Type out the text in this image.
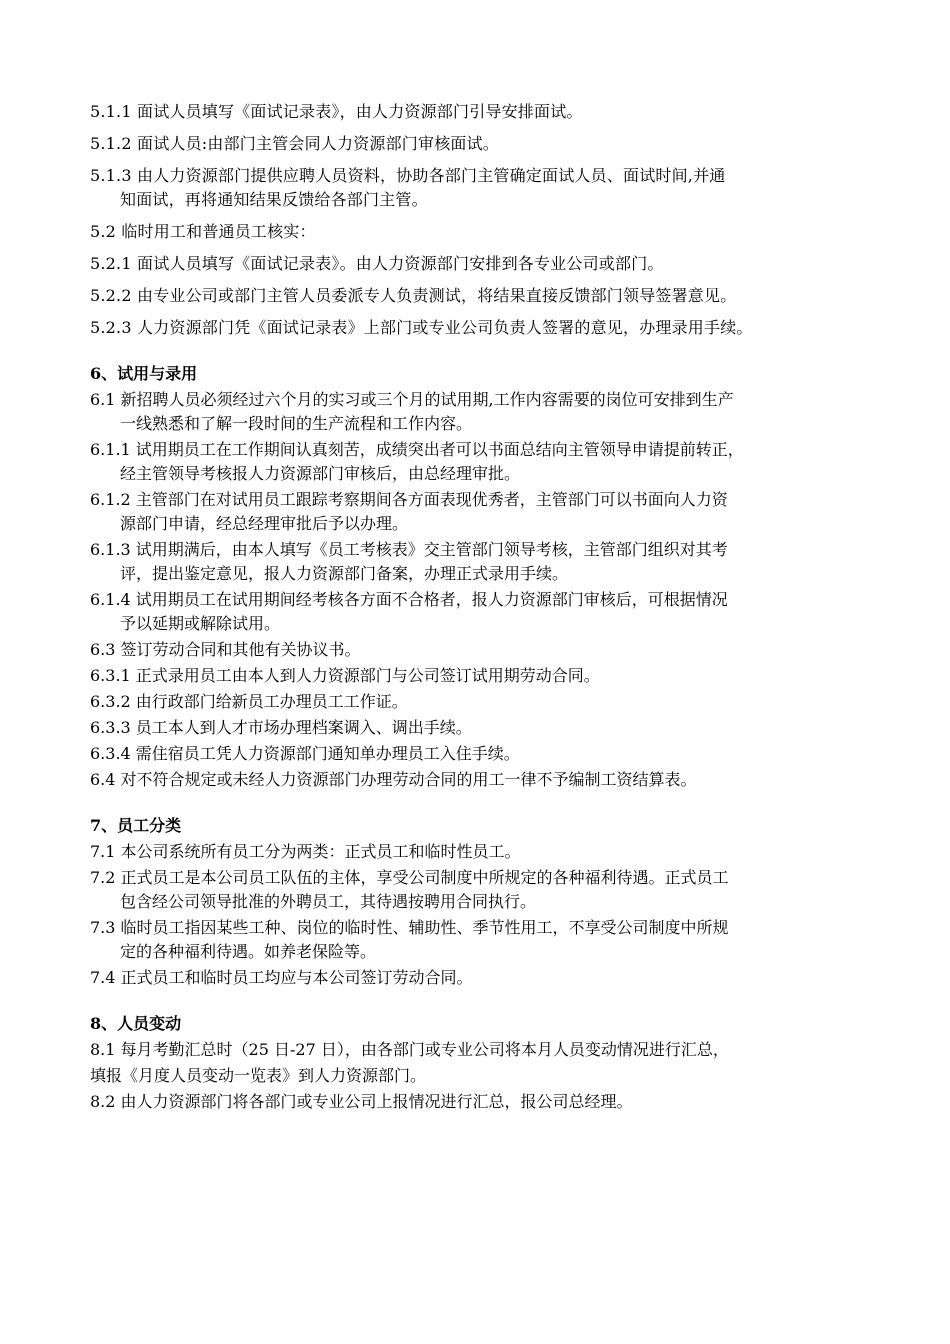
5.1.1 面试人员填写《面试记录表》，由人力资源部门引导安排面试。

5.1.2 面试人员:由部门主管会同人力资源部门审核面试。

5.1.3 由人力资源部门提供应聘人员资料，协助各部门主管确定面试人员、面试时间,并通
知面试，再将通知结果反馈给各部门主管。

5.2 临时用工和普通员工核实：

5.2.1 面试人员填写《面试记录表》。由人力资源部门安排到各专业公司或部门。

5.2.2 由专业公司或部门主管人员委派专人负责测试，将结果直接反馈部门领导签署意见。

5.2.3 人力资源部门凭《面试记录表》上部门或专业公司负责人签署的意见，办理录用手续。

6、试用与录用

6.1 新招聘人员必须经过六个月的实习或三个月的试用期,工作内容需要的岗位可安排到生产
一线熟悉和了解一段时间的生产流程和工作内容。

6.1.1 试用期员工在工作期间认真刻苦，成绩突出者可以书面总结向主管领导申请提前转正，
经主管领导考核报人力资源部门审核后，由总经理审批。

6.1.2 主管部门在对试用员工跟踪考察期间各方面表现优秀者，主管部门可以书面向人力资
源部门申请，经总经理审批后予以办理。

6.1.3 试用期满后，由本人填写《员工考核表》交主管部门领导考核，主管部门组织对其考
评，提出鉴定意见，报人力资源部门备案，办理正式录用手续。

6.1.4 试用期员工在试用期间经考核各方面不合格者，报人力资源部门审核后，可根据情况
予以延期或解除试用。

6.3 签订劳动合同和其他有关协议书。

6.3.1 正式录用员工由本人到人力资源部门与公司签订试用期劳动合同。

6.3.2 由行政部门给新员工办理员工工作证。

6.3.3 员工本人到人才市场办理档案调入、调出手续。

6.3.4 需住宿员工凭人力资源部门通知单办理员工入住手续。

6.4 对不符合规定或未经人力资源部门办理劳动合同的用工一律不予编制工资结算表。

7、员工分类

7.1 本公司系统所有员工分为两类：正式员工和临时性员工。

7.2 正式员工是本公司员工队伍的主体，享受公司制度中所规定的各种福利待遇。正式员工
包含经公司领导批准的外聘员工，其待遇按聘用合同执行。

7.3 临时员工指因某些工种、岗位的临时性、辅助性、季节性用工，不享受公司制度中所规
定的各种福利待遇。如养老保险等。

7.4 正式员工和临时员工均应与本公司签订劳动合同。

8、人员变动

8.1 每月考勤汇总时（25 日-27 日），由各部门或专业公司将本月人员变动情况进行汇总，

填报《月度人员变动一览表》到人力资源部门。

8.2 由人力资源部门将各部门或专业公司上报情况进行汇总，报公司总经理。
